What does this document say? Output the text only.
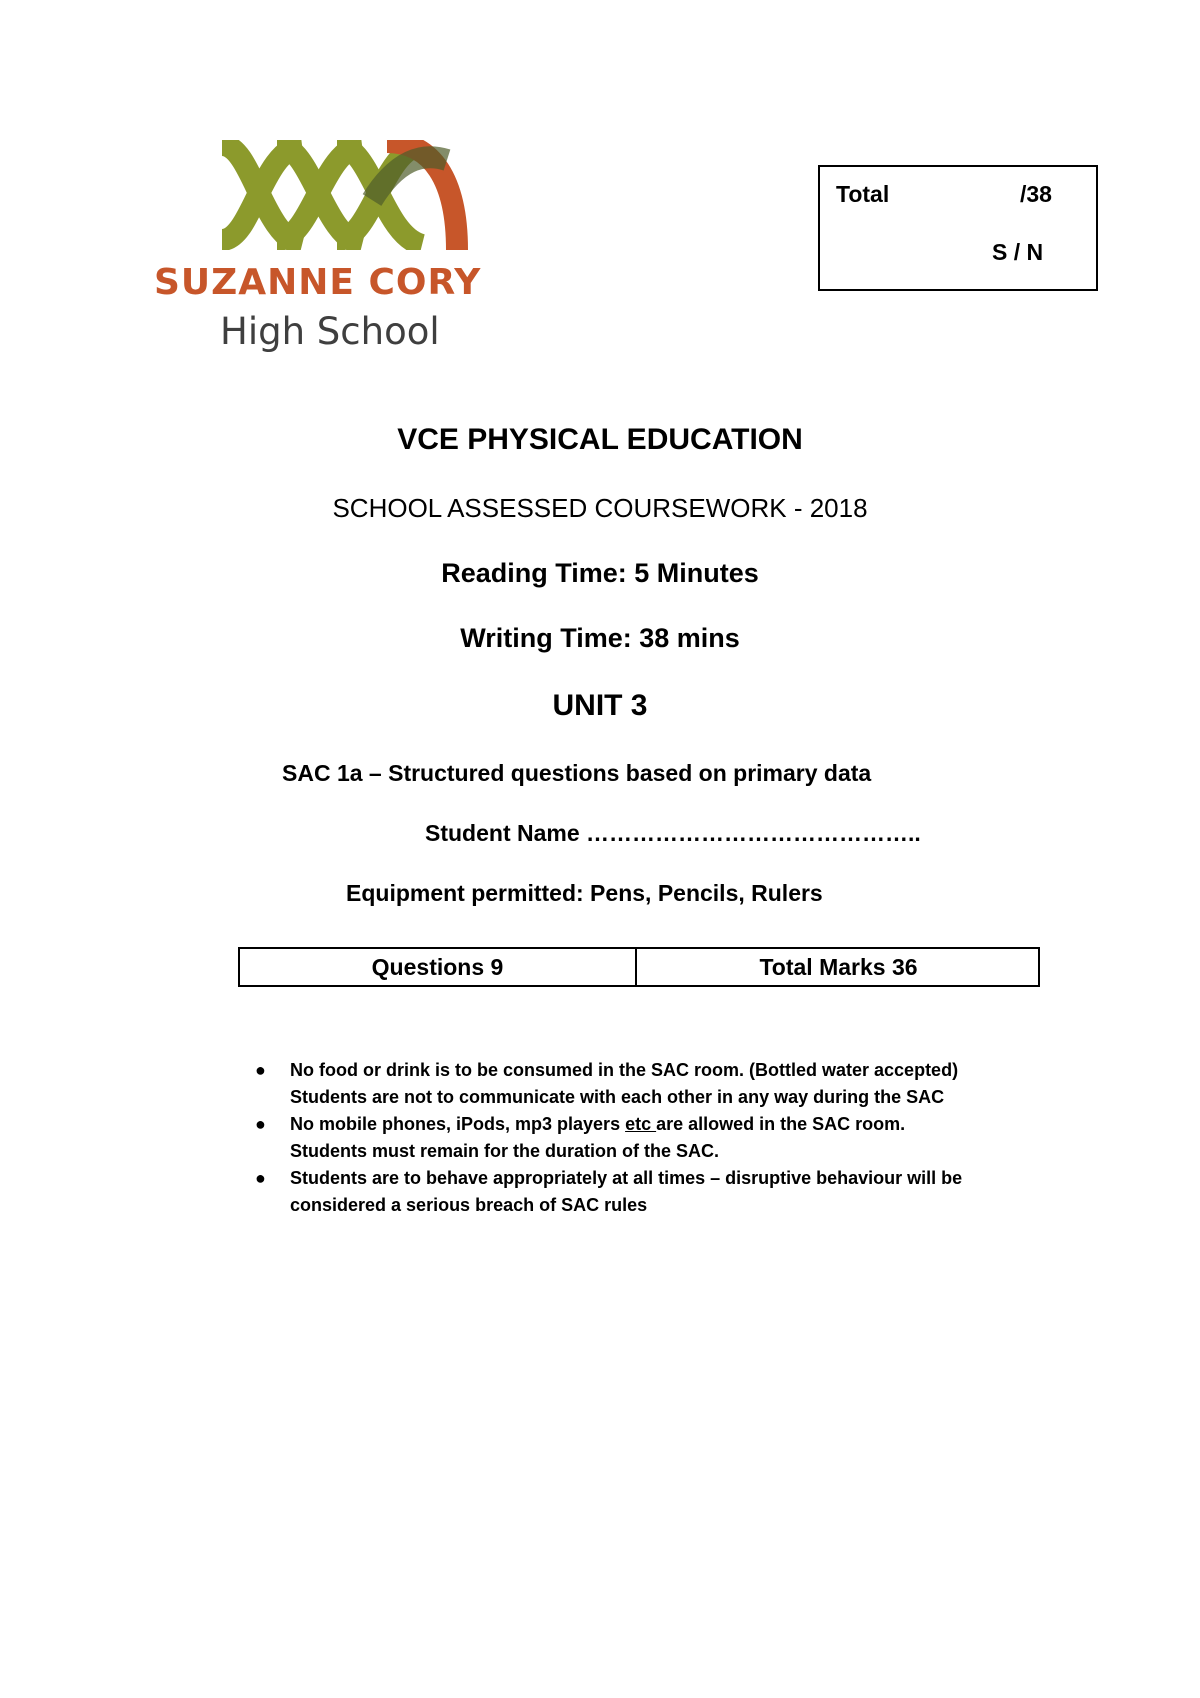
SUZANNE CORY
High School
Total	/38
S / N
VCE PHYSICAL EDUCATION
SCHOOL ASSESSED COURSEWORK - 2018
Reading Time: 5 Minutes
Writing Time: 38 mins
UNIT 3
SAC 1a – Structured questions based on primary data
Student Name ……………………………………..
Equipment permitted: Pens, Pencils, Rulers
Questions 9	Total Marks 36
● No food or drink is to be consumed in the SAC room. (Bottled water accepted)
Students are not to communicate with each other in any way during the SAC
● No mobile phones, iPods, mp3 players etc are allowed in the SAC room.
Students must remain for the duration of the SAC.
● Students are to behave appropriately at all times – disruptive behaviour will be
considered a serious breach of SAC rules
